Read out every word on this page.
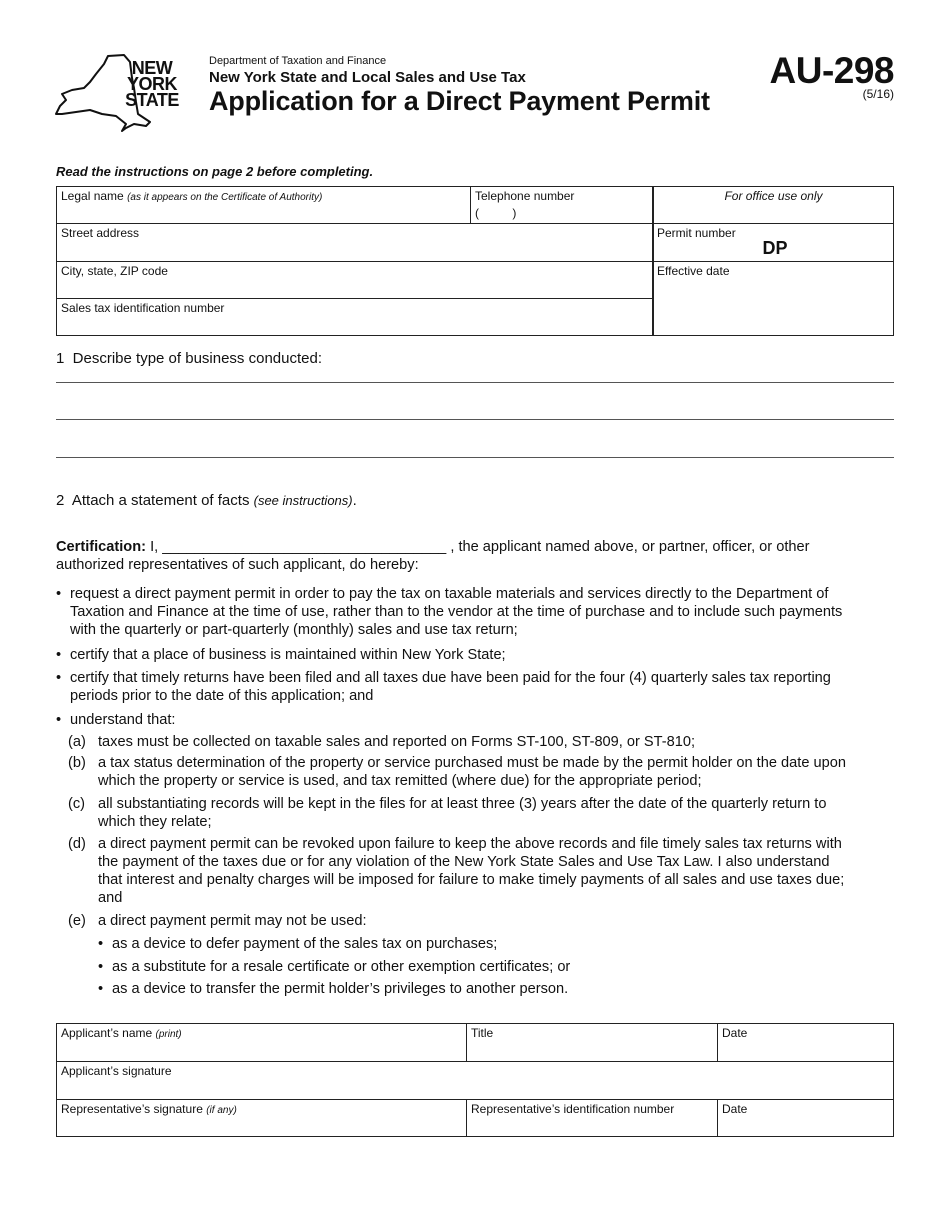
NEW
YORK
STATE
Department of Taxation and Finance
New York State and Local Sales and Use Tax
Application for a Direct Payment Permit
AU-298
(5/16)
Read the instructions on page 2 before completing.
Legal name (as it appears on the Certificate of Authority)	Telephone number
(          )
Street address
City, state, ZIP code
Sales tax identification number
For office use only
Permit number
DP
Effective date
1  Describe type of business conducted:
2  Attach a statement of facts (see instructions).
Certification: I, ___________________________________ , the applicant named above, or partner, officer, or other
authorized representatives of such applicant, do hereby:
• request a direct payment permit in order to pay the tax on taxable materials and services directly to the Department of
Taxation and Finance at the time of use, rather than to the vendor at the time of purchase and to include such payments
with the quarterly or part-quarterly (monthly) sales and use tax return;
• certify that a place of business is maintained within New York State;
• certify that timely returns have been filed and all taxes due have been paid for the four (4) quarterly sales tax reporting
periods prior to the date of this application; and
• understand that:
(a) taxes must be collected on taxable sales and reported on Forms ST-100, ST-809, or ST-810;
(b) a tax status determination of the property or service purchased must be made by the permit holder on the date upon
which the property or service is used, and tax remitted (where due) for the appropriate period;
(c) all substantiating records will be kept in the files for at least three (3) years after the date of the quarterly return to
which they relate;
(d) a direct payment permit can be revoked upon failure to keep the above records and file timely sales tax returns with
the payment of the taxes due or for any violation of the New York State Sales and Use Tax Law. I also understand
that interest and penalty charges will be imposed for failure to make timely payments of all sales and use taxes due;
and
(e) a direct payment permit may not be used:
• as a device to defer payment of the sales tax on purchases;
• as a substitute for a resale certificate or other exemption certificates; or
• as a device to transfer the permit holder’s privileges to another person.
Applicant’s name (print)	Title	Date
Applicant’s signature
Representative’s signature (if any)	Representative’s identification number	Date
